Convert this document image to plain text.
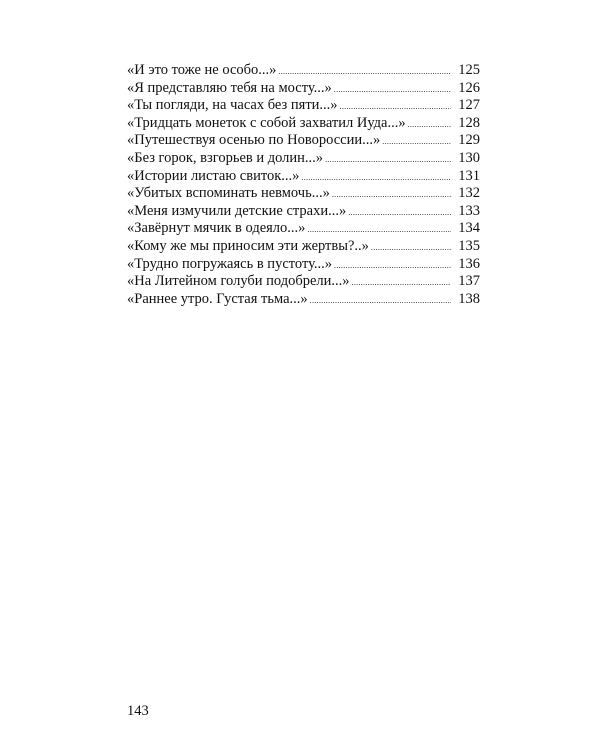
«И это тоже не особо...» .....	125
«Я представляю тебя на мосту...» .....	126
«Ты погляди, на часах без пяти...» .....	127
«Тридцать монеток с собой захватил Иуда...» .....	128
«Путешествуя осенью по Новороссии...» .....	129
«Без горок, взгорьев и долин...» .....	130
«Истории листаю свиток...» .....	131
«Убитых вспоминать невмочь...» .....	132
«Меня измучили детские страхи...» .....	133
«Завёрнут мячик в одеяло...» .....	134
«Кому же мы приносим эти жертвы?..» .....	135
«Трудно погружаясь в пустоту...» .....	136
«На Литейном голуби подобрели...» .....	137
«Раннее утро. Густая тьма...» .....	138
143
